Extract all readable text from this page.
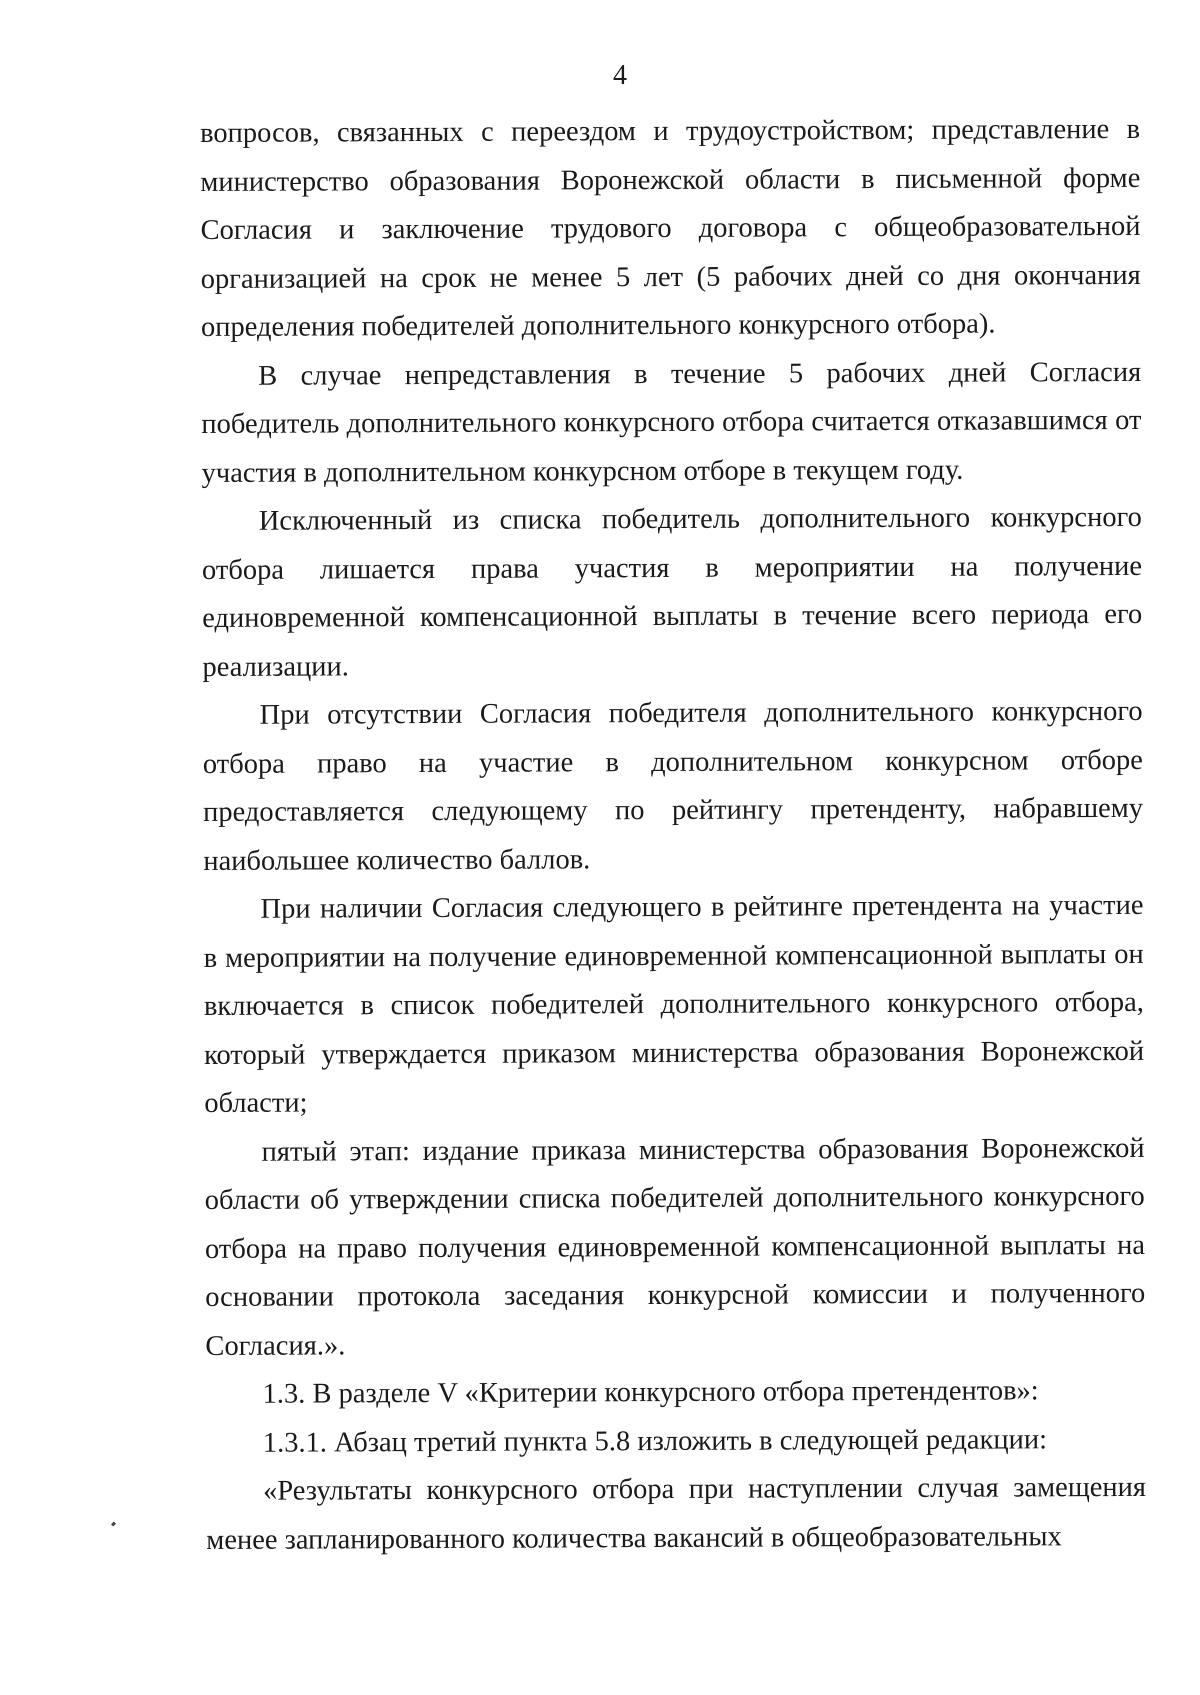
4

вопросов, связанных с переездом и трудоустройством; представление в министерство образования Воронежской области в письменной форме Согласия и заключение трудового договора с общеобразовательной организацией на срок не менее 5 лет (5 рабочих дней со дня окончания определения победителей дополнительного конкурсного отбора).

В случае непредставления в течение 5 рабочих дней Согласия победитель дополнительного конкурсного отбора считается отказавшимся от участия в дополнительном конкурсном отборе в текущем году.

Исключенный из списка победитель дополнительного конкурсного отбора лишается права участия в мероприятии на получение единовременной компенсационной выплаты в течение всего периода его реализации.

При отсутствии Согласия победителя дополнительного конкурсного отбора право на участие в дополнительном конкурсном отборе предоставляется следующему по рейтингу претенденту, набравшему наибольшее количество баллов.

При наличии Согласия следующего в рейтинге претендента на участие в мероприятии на получение единовременной компенсационной выплаты он включается в список победителей дополнительного конкурсного отбора, который утверждается приказом министерства образования Воронежской области;

пятый этап: издание приказа министерства образования Воронежской области об утверждении списка победителей дополнительного конкурсного отбора на право получения единовременной компенсационной выплаты на основании протокола заседания конкурсной комиссии и полученного Согласия.».

1.3. В разделе V «Критерии конкурсного отбора претендентов»:

1.3.1. Абзац третий пункта 5.8 изложить в следующей редакции:

«Результаты конкурсного отбора при наступлении случая замещения менее запланированного количества вакансий в общеобразовательных
